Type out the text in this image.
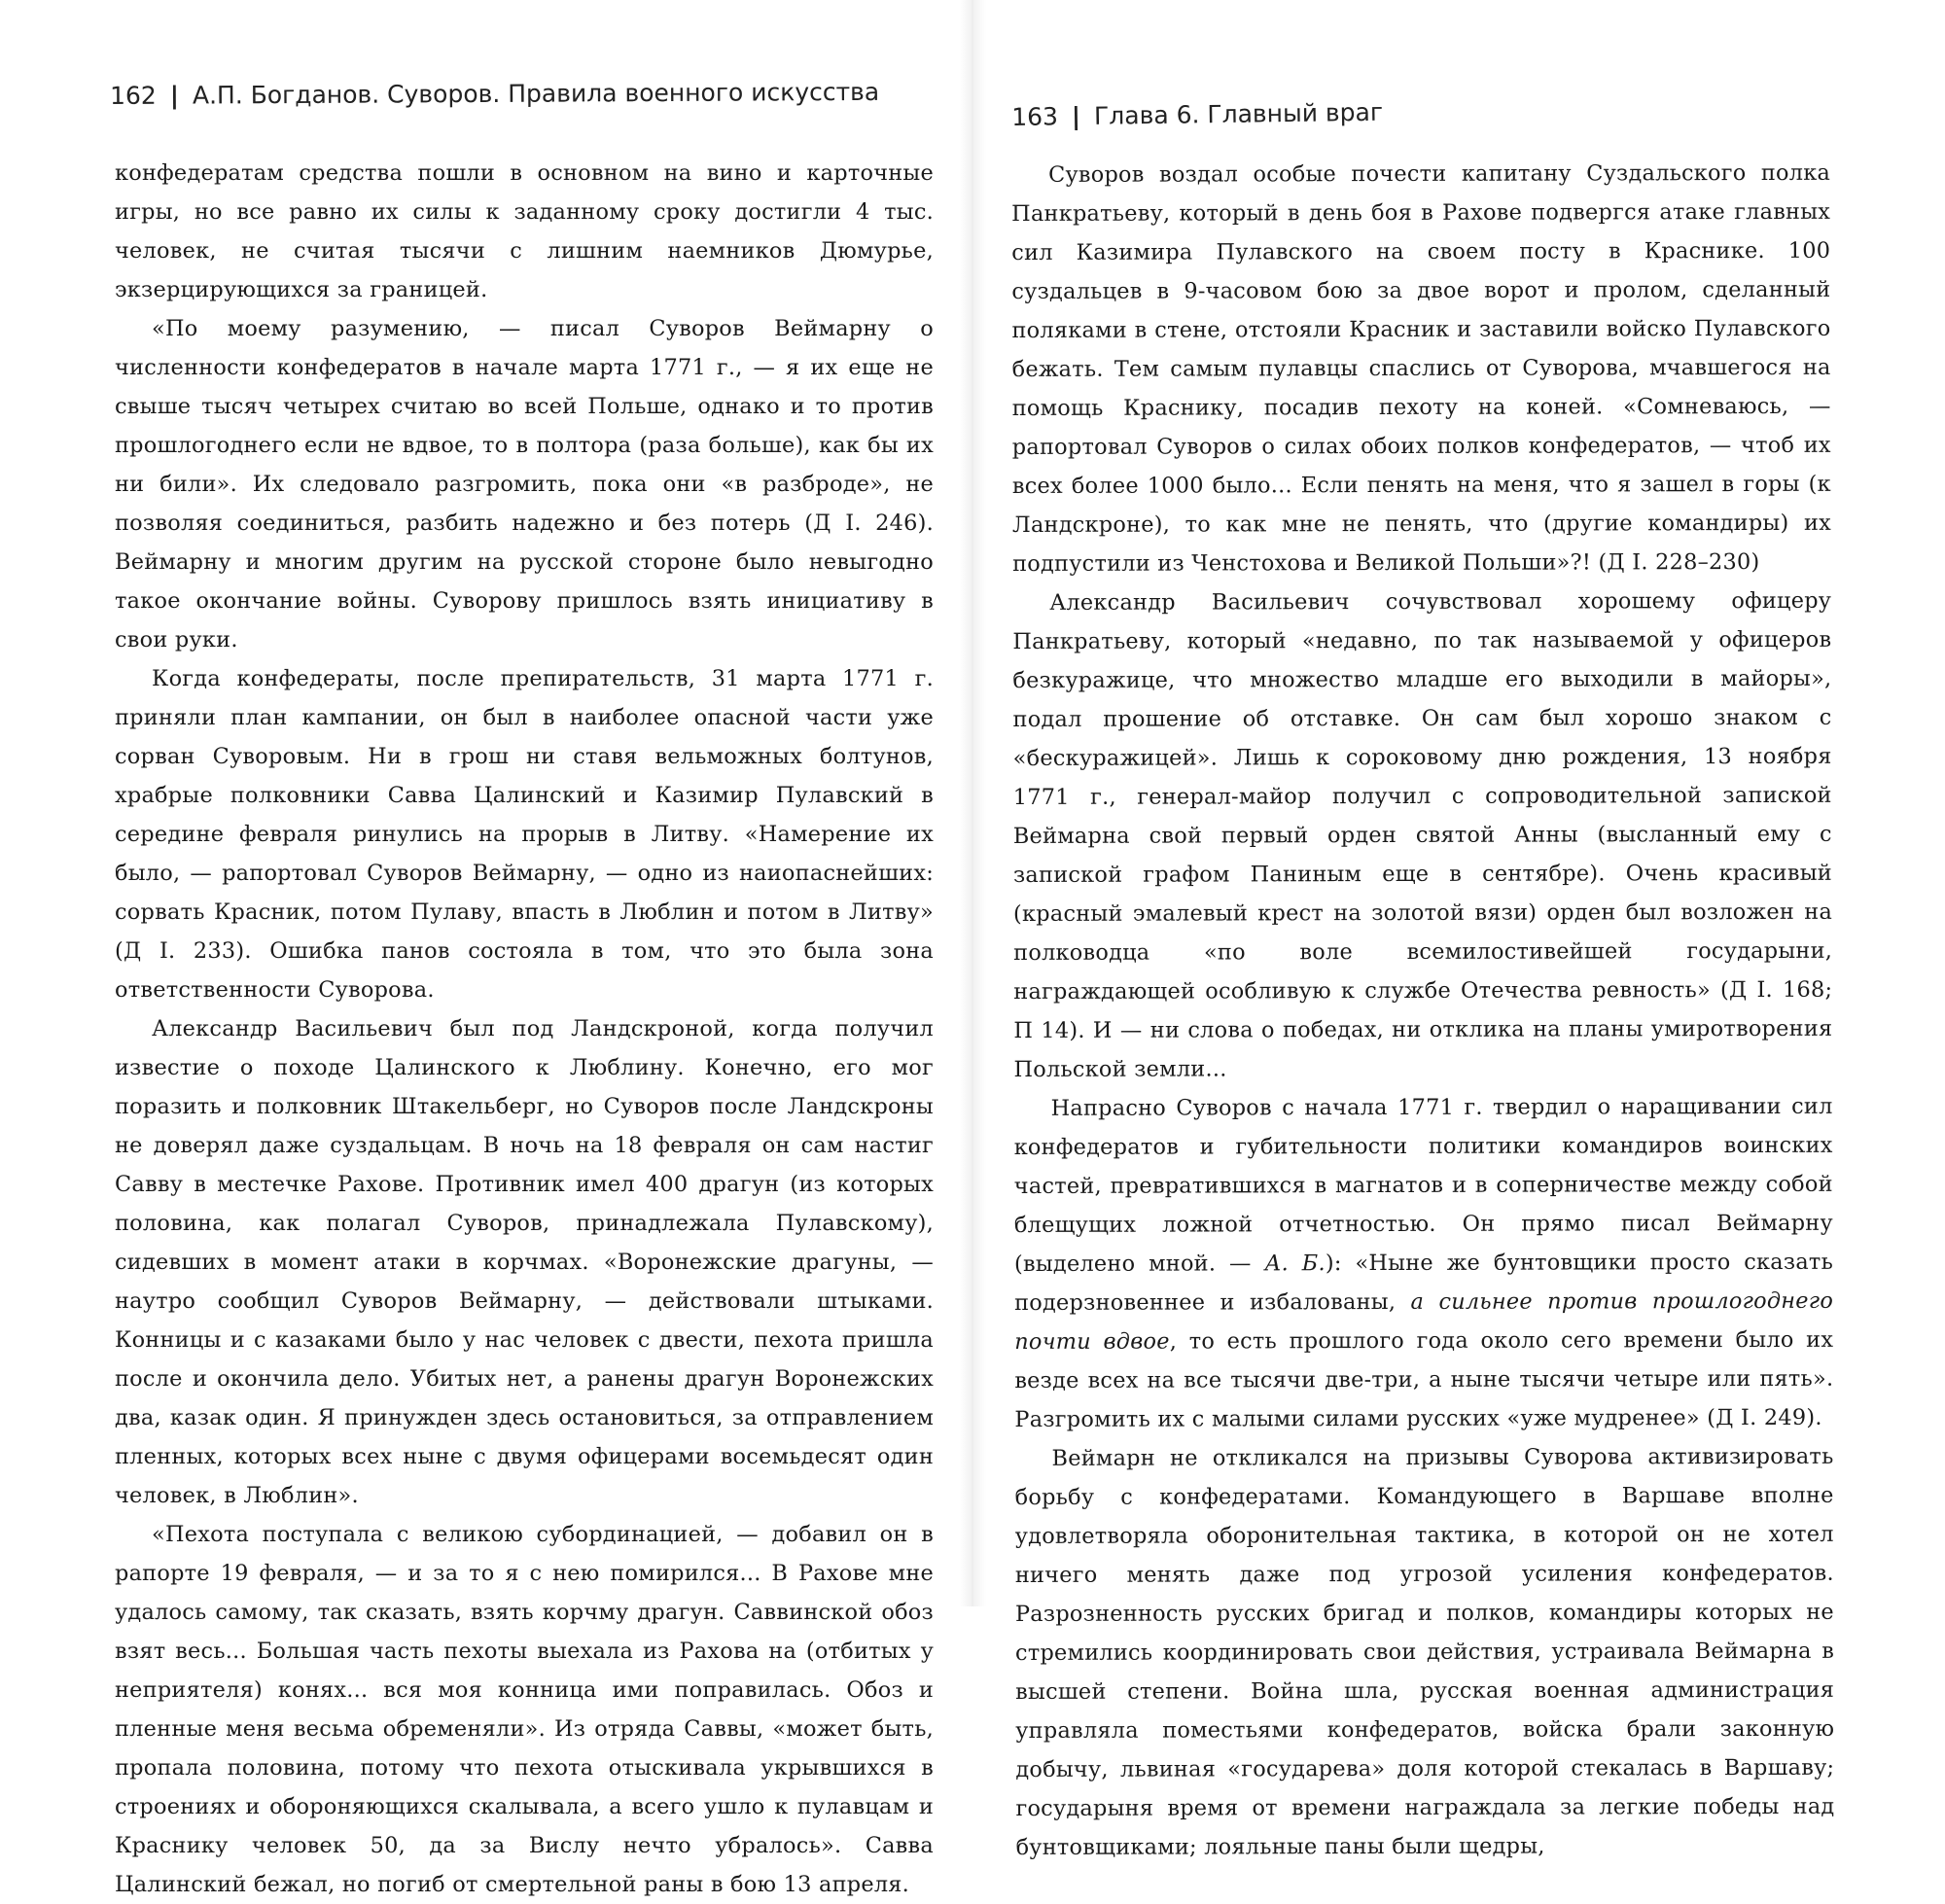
162 | А.П. Богданов. Суворов. Правила военного искусства

конфедератам средства пошли в основном на вино и карточные игры, но все равно их силы к заданному сроку достигли 4 тыс. человек, не считая тысячи с лишним наемников Дюмурье, экзерцирующихся за границей.

«По моему разумению, — писал Суворов Веймарну о численности конфедератов в начале марта 1771 г., — я их еще не свыше тысяч четырех считаю во всей Польше, однако и то против прошлогоднего если не вдвое, то в полтора (раза больше), как бы их ни били». Их следовало разгромить, пока они «в разброде», не позволяя соединиться, разбить надежно и без потерь (Д I. 246). Веймарну и многим другим на русской стороне было невыгодно такое окончание войны. Суворову пришлось взять инициативу в свои руки.

Когда конфедераты, после препирательств, 31 марта 1771 г. приняли план кампании, он был в наиболее опасной части уже сорван Суворовым. Ни в грош ни ставя вельможных болтунов, храбрые полковники Савва Цалинский и Казимир Пулавский в середине февраля ринулись на прорыв в Литву. «Намерение их было, — рапортовал Суворов Веймарну, — одно из наиопаснейших: сорвать Красник, потом Пулаву, впасть в Люблин и потом в Литву» (Д I. 233). Ошибка панов состояла в том, что это была зона ответственности Суворова.

Александр Васильевич был под Ландскроной, когда получил известие о походе Цалинского к Люблину. Конечно, его мог поразить и полковник Штакельберг, но Суворов после Ландскроны не доверял даже суздальцам. В ночь на 18 февраля он сам настиг Савву в местечке Рахове. Противник имел 400 драгун (из которых половина, как полагал Суворов, принадлежала Пулавскому), сидевших в момент атаки в корчмах. «Воронежские драгуны, — наутро сообщил Суворов Веймарну, — действовали штыками. Конницы и с казаками было у нас человек с двести, пехота пришла после и окончила дело. Убитых нет, а ранены драгун Воронежских два, казак один. Я принужден здесь остановиться, за отправлением пленных, которых всех ныне с двумя офицерами восемьдесят один человек, в Люблин».

«Пехота поступала с великою субординацией, — добавил он в рапорте 19 февраля, — и за то я с нею помирился... В Рахове мне удалось самому, так сказать, взять корчму драгун. Саввинской обоз взят весь... Большая часть пехоты выехала из Рахова на (отбитых у неприятеля) конях... вся моя конница ими поправилась. Обоз и пленные меня весьма обременяли». Из отряда Саввы, «может быть, пропала половина, потому что пехота отыскивала укрывшихся в строениях и обороняющихся скалывала, а всего ушло к пулавцам и Краснику человек 50, да за Вислу нечто убралось». Савва Цалинский бежал, но погиб от смертельной раны в бою 13 апреля.

163 | Глава 6. Главный враг

Суворов воздал особые почести капитану Суздальского полка Панкратьеву, который в день боя в Рахове подвергся атаке главных сил Казимира Пулавского на своем посту в Краснике. 100 суздальцев в 9-часовом бою за двое ворот и пролом, сделанный поляками в стене, отстояли Красник и заставили войско Пулавского бежать. Тем самым пулавцы спаслись от Суворова, мчавшегося на помощь Краснику, посадив пехоту на коней. «Сомневаюсь, — рапортовал Суворов о силах обоих полков конфедератов, — чтоб их всех более 1000 было... Если пенять на меня, что я зашел в горы (к Ландскроне), то как мне не пенять, что (другие командиры) их подпустили из Ченстохова и Великой Польши»?! (Д I. 228–230)

Александр Васильевич сочувствовал хорошему офицеру Панкратьеву, который «недавно, по так называемой у офицеров безкуражице, что множество младше его выходили в майоры», подал прошение об отставке. Он сам был хорошо знаком с «бескуражицей». Лишь к сороковому дню рождения, 13 ноября 1771 г., генерал-майор получил с сопроводительной запиской Веймарна свой первый орден святой Анны (высланный ему с запиской графом Паниным еще в сентябре). Очень красивый (красный эмалевый крест на золотой вязи) орден был возложен на полководца «по воле всемилостивейшей государыни, награждающей особливую к службе Отечества ревность» (Д I. 168; П 14). И — ни слова о победах, ни отклика на планы умиротворения Польской земли...

Напрасно Суворов с начала 1771 г. твердил о наращивании сил конфедератов и губительности политики командиров воинских частей, превратившихся в магнатов и в соперничестве между собой блещущих ложной отчетностью. Он прямо писал Веймарну (выделено мной. — А. Б.): «Ныне же бунтовщики просто сказать подерзновеннее и избалованы, а сильнее против прошлогоднего почти вдвое, то есть прошлого года около сего времени было их везде всех на все тысячи две-три, а ныне тысячи четыре или пять». Разгромить их с малыми силами русских «уже мудренее» (Д I. 249).

Веймарн не откликался на призывы Суворова активизировать борьбу с конфедератами. Командующего в Варшаве вполне удовлетворяла оборонительная тактика, в которой он не хотел ничего менять даже под угрозой усиления конфедератов. Разрозненность русских бригад и полков, командиры которых не стремились координировать свои действия, устраивала Веймарна в высшей степени. Война шла, русская военная администрация управляла поместьями конфедератов, войска брали законную добычу, львиная «государева» доля которой стекалась в Варшаву; государыня время от времени награждала за легкие победы над бунтовщиками; лояльные паны были щедры,
